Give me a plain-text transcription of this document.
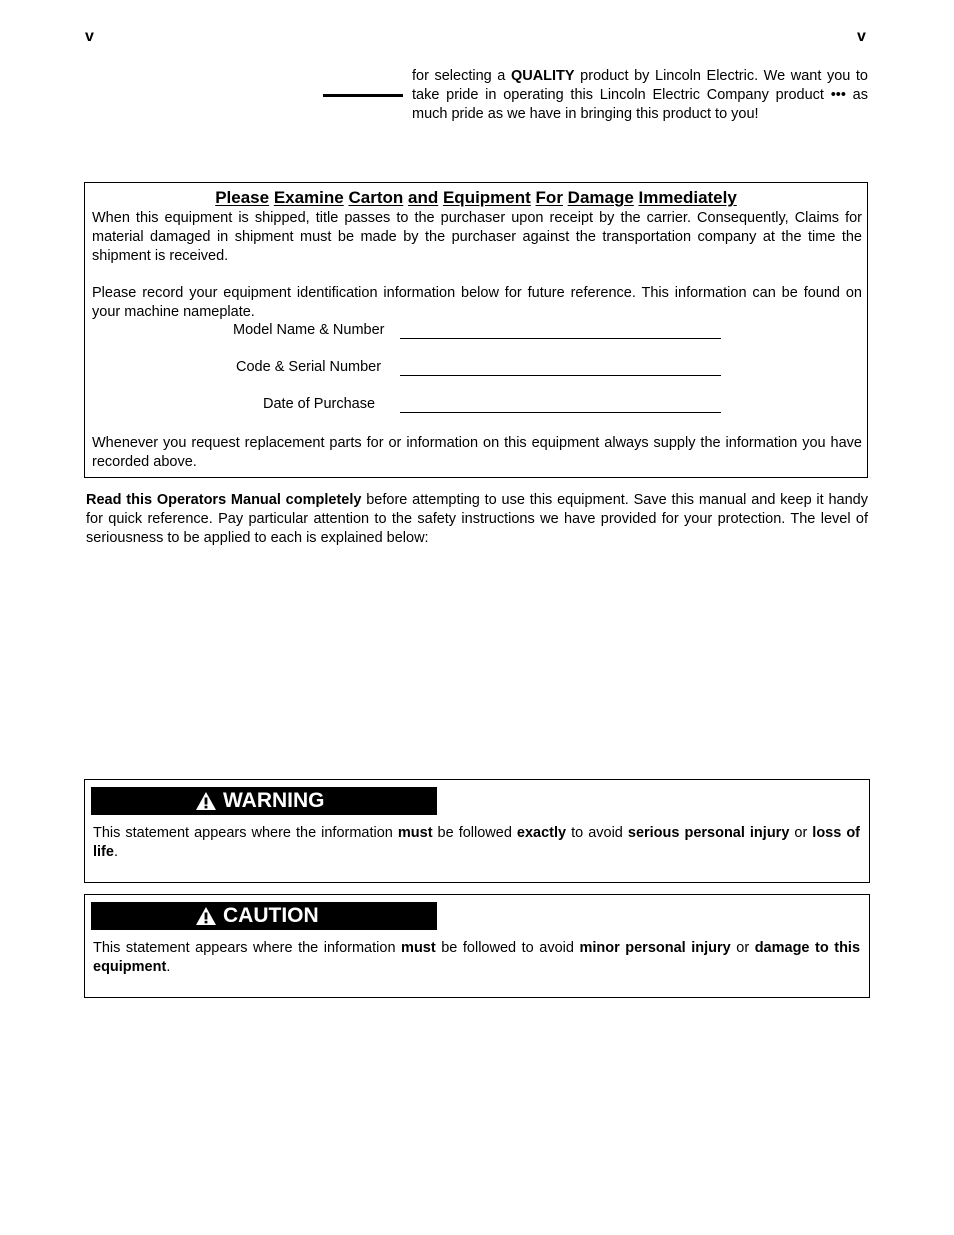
v	v
for selecting a QUALITY product by Lincoln Electric. We want you to take pride in operating this Lincoln Electric Company product ••• as much pride as we have in bringing this product to you!
Please Examine Carton and Equipment For Damage Immediately
When this equipment is shipped, title passes to the purchaser upon receipt by the carrier. Consequently, Claims for material damaged in shipment must be made by the purchaser against the transportation company at the time the shipment is received.
Please record your equipment identification information below for future reference. This information can be found on your machine nameplate.
Model Name & Number
Code & Serial Number
Date of Purchase
Whenever you request replacement parts for or information on this equipment always supply the information you have recorded above.
Read this Operators Manual completely before attempting to use this equipment. Save this manual and keep it handy for quick reference. Pay particular attention to the safety instructions we have provided for your protection. The level of seriousness to be applied to each is explained below:
WARNING
This statement appears where the information must be followed exactly to avoid serious personal injury or loss of life.
CAUTION
This statement appears where the information must be followed to avoid minor personal injury or damage to this equipment.
